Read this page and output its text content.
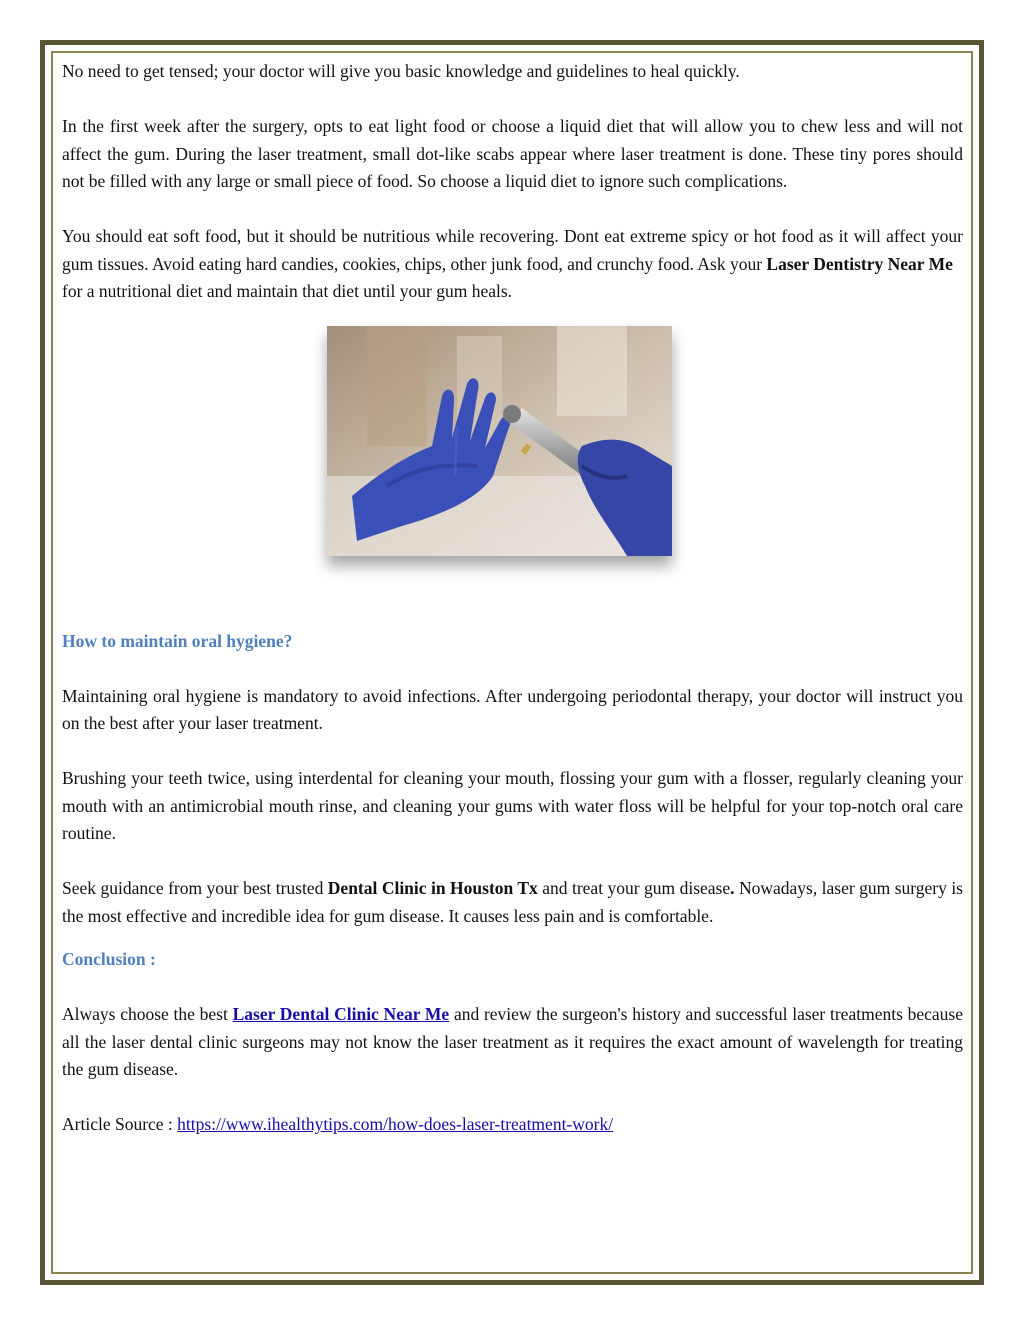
No need to get tensed; your doctor will give you basic knowledge and guidelines to heal quickly.

In the first week after the surgery, opts to eat light food or choose a liquid diet that will allow you to chew less and will not affect the gum. During the laser treatment, small dot-like scabs appear where laser treatment is done. These tiny pores should not be filled with any large or small piece of food. So choose a liquid diet to ignore such complications.

You should eat soft food, but it should be nutritious while recovering. Dont eat extreme spicy or hot food as it will affect your gum tissues. Avoid eating hard candies, cookies, chips, other junk food, and crunchy food. Ask your Laser Dentistry Near Me

for a nutritional diet and maintain that diet until your gum heals.

How to maintain oral hygiene?

Maintaining oral hygiene is mandatory to avoid infections. After undergoing periodontal therapy, your doctor will instruct you on the best after your laser treatment.

Brushing your teeth twice, using interdental for cleaning your mouth, flossing your gum with a flosser, regularly cleaning your mouth with an antimicrobial mouth rinse, and cleaning your gums with water floss will be helpful for your top-notch oral care routine.

Seek guidance from your best trusted Dental Clinic in Houston Tx and treat your gum disease. Nowadays, laser gum surgery is the most effective and incredible idea for gum disease. It causes less pain and is comfortable.

Conclusion :

Always choose the best Laser Dental Clinic Near Me and review the surgeon's history and successful laser treatments because all the laser dental clinic surgeons may not know the laser treatment as it requires the exact amount of wavelength for treating the gum disease.

Article Source : https://www.ihealthytips.com/how-does-laser-treatment-work/
